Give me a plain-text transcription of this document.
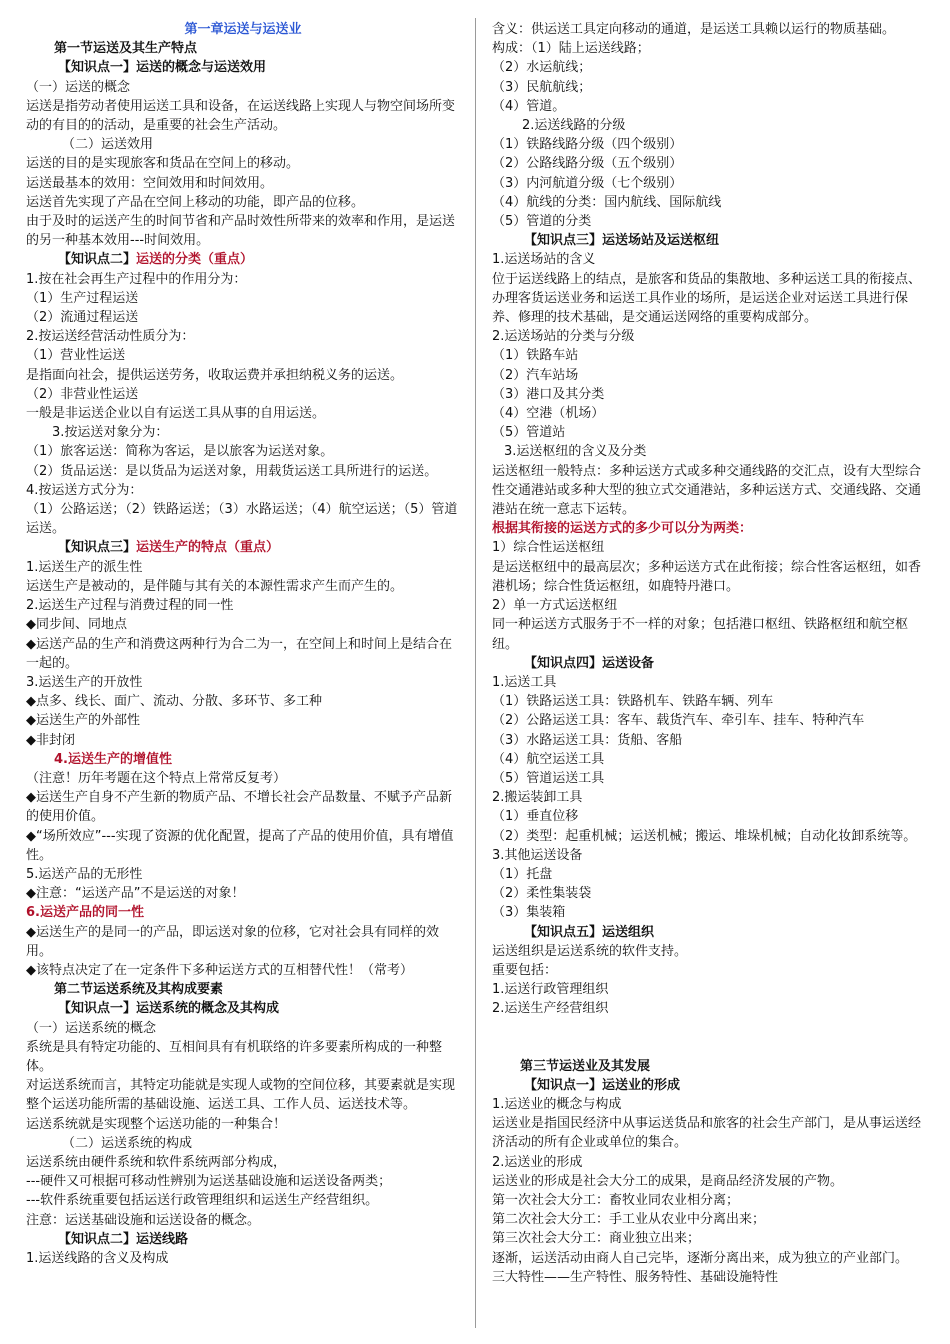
第一章运送与运送业

第一节运送及其生产特点

【知识点一】运送的概念与运送效用

（一）运送的概念

运送是指劳动者使用运送工具和设备，在运送线路上实现人与物空间场所变动的有目的的活动，是重要的社会生产活动。

（二）运送效用

运送的目的是实现旅客和货品在空间上的移动。

运送最基本的效用：空间效用和时间效用。

运送首先实现了产品在空间上移动的功能，即产品的位移。

由于及时的运送产生的时间节省和产品时效性所带来的效率和作用，是运送的另一种基本效用---时间效用。

【知识点二】运送的分类（重点）

1.按在社会再生产过程中的作用分为：

（1）生产过程运送

（2）流通过程运送

2.按运送经营活动性质分为：

（1）营业性运送

是指面向社会，提供运送劳务，收取运费并承担纳税义务的运送。

（2）非营业性运送

一般是非运送企业以自有运送工具从事的自用运送。

3.按运送对象分为：

（1）旅客运送：简称为客运，是以旅客为运送对象。

（2）货品运送：是以货品为运送对象，用载货运送工具所进行的运送。

4.按运送方式分为：

（1）公路运送；（2）铁路运送；（3）水路运送；（4）航空运送；（5）管道运送。

【知识点三】运送生产的特点（重点）

1.运送生产的派生性

运送生产是被动的，是伴随与其有关的本源性需求产生而产生的。

2.运送生产过程与消费过程的同一性

◆同步间、同地点

◆运送产品的生产和消费这两种行为合二为一，在空间上和时间上是结合在一起的。

3.运送生产的开放性

◆点多、线长、面广、流动、分散、多环节、多工种

◆运送生产的外部性

◆非封闭

4.运送生产的增值性

（注意！历年考题在这个特点上常常反复考）

◆运送生产自身不产生新的物质产品、不增长社会产品数量、不赋予产品新的使用价值。

◆“场所效应”---实现了资源的优化配置，提高了产品的使用价值，具有增值性。

5.运送产品的无形性

◆注意：“运送产品”不是运送的对象！

6.运送产品的同一性

◆运送生产的是同一的产品，即运送对象的位移，它对社会具有同样的效用。

◆该特点决定了在一定条件下多种运送方式的互相替代性！（常考）

第二节运送系统及其构成要素

【知识点一】运送系统的概念及其构成

（一）运送系统的概念

系统是具有特定功能的、互相间具有有机联络的许多要素所构成的一种整体。

对运送系统而言，其特定功能就是实现人或物的空间位移，其要素就是实现整个运送功能所需的基础设施、运送工具、工作人员、运送技术等。

运送系统就是实现整个运送功能的一种集合！

（二）运送系统的构成

运送系统由硬件系统和软件系统两部分构成，

---硬件又可根据可移动性辨别为运送基础设施和运送设备两类；

---软件系统重要包括运送行政管理组织和运送生产经营组织。

注意：运送基础设施和运送设备的概念。

【知识点二】运送线路

1.运送线路的含义及构成

含义：供运送工具定向移动的通道，是运送工具赖以运行的物质基础。

构成：（1）陆上运送线路；

（2）水运航线；

（3）民航航线；

（4）管道。

2.运送线路的分级

（1）铁路线路分级（四个级别）

（2）公路线路分级（五个级别）

（3）内河航道分级（七个级别）

（4）航线的分类：国内航线、国际航线

（5）管道的分类

【知识点三】运送场站及运送枢纽

1.运送场站的含义

位于运送线路上的结点，是旅客和货品的集散地、多种运送工具的衔接点、办理客货运送业务和运送工具作业的场所，是运送企业对运送工具进行保养、修理的技术基础，是交通运送网络的重要构成部分。

2.运送场站的分类与分级

（1）铁路车站

（2）汽车站场

（3）港口及其分类

（4）空港（机场）

（5）管道站

3.运送枢纽的含义及分类

运送枢纽一般特点：多种运送方式或多种交通线路的交汇点，设有大型综合性交通港站或多种大型的独立式交通港站，多种运送方式、交通线路、交通港站在统一意志下运转。

根据其衔接的运送方式的多少可以分为两类：

1）综合性运送枢纽

是运送枢纽中的最高层次；多种运送方式在此衔接；综合性客运枢纽，如香港机场；综合性货运枢纽，如鹿特丹港口。

2）单一方式运送枢纽

同一种运送方式服务于不一样的对象；包括港口枢纽、铁路枢纽和航空枢纽。

【知识点四】运送设备

1.运送工具

（1）铁路运送工具：铁路机车、铁路车辆、列车

（2）公路运送工具：客车、载货汽车、牵引车、挂车、特种汽车

（3）水路运送工具：货船、客船

（4）航空运送工具

（5）管道运送工具

2.搬运装卸工具

（1）垂直位移

（2）类型：起重机械；运送机械；搬运、堆垛机械；自动化妆卸系统等。

3.其他运送设备

（1）托盘

（2）柔性集装袋

（3）集装箱

【知识点五】运送组织

运送组织是运送系统的软件支持。

重要包括：

1.运送行政管理组织

2.运送生产经营组织

第三节运送业及其发展

【知识点一】运送业的形成

1.运送业的概念与构成

运送业是指国民经济中从事运送货品和旅客的社会生产部门，是从事运送经济活动的所有企业或单位的集合。

2.运送业的形成

运送业的形成是社会大分工的成果，是商品经济发展的产物。

第一次社会大分工：畜牧业同农业相分离；

第二次社会大分工：手工业从农业中分离出来；

第三次社会大分工：商业独立出来；

逐渐，运送活动由商人自己完毕，逐渐分离出来，成为独立的产业部门。

三大特性——生产特性、服务特性、基础设施特性
